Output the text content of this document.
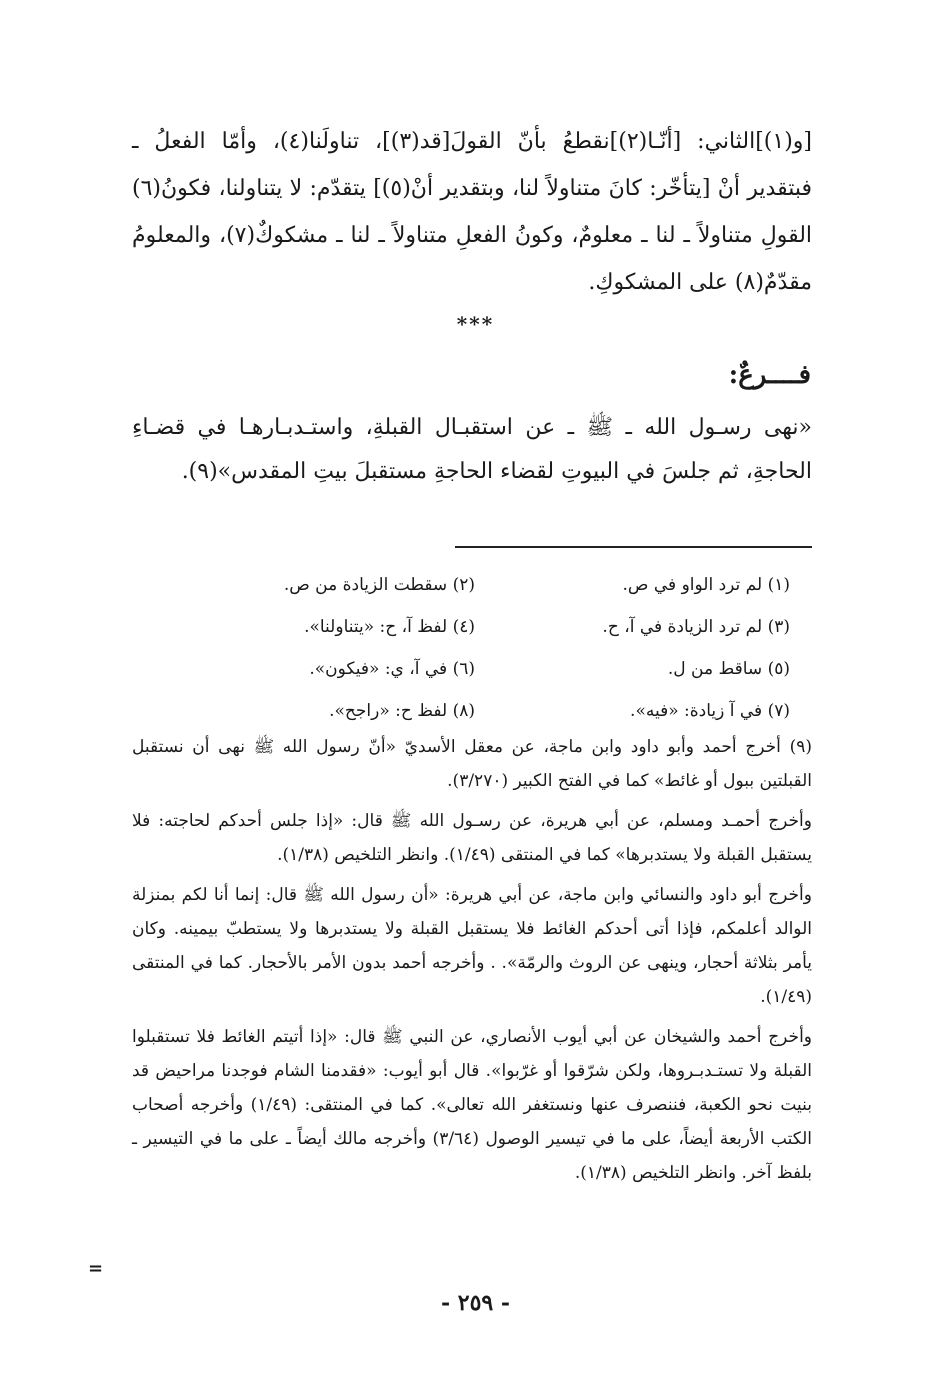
[و(١)]الثاني: [أنّـا(٢)]نقطعُ بأنّ القولَ[قد(٣)]، تناولَنا(٤)، وأمّا الفعلُ ـ فبتقدير أنْ [يتأخّر: كانَ متناولاً لنا، وبتقدير أنْ(٥)] يتقدّم: لا يتناولنا، فكونُ(٦) القولِ متناولاً ـ لنا ـ معلومٌ، وكونُ الفعلِ متناولاً ـ لنا ـ مشكوكٌ(٧)، والمعلومُ مقدّمٌ(٨) على المشكوكِ.

***
فــــرعٌ:
«نهى رسـول الله ـ ﷺ ـ عن استقبـال القبلةِ، واستـدبـارهـا في قضـاءِ الحاجةِ، ثم جلسَ في البيوتِ لقضاء الحاجةِ مستقبلَ بيتِ المقدس»(٩).
(١) لم ترد الواو في ص.
(٢) سقطت الزيادة من ص.
(٣) لم ترد الزيادة في آ، ح.
(٤) لفظ آ، ح: «يتناولنا».
(٥) ساقط من ل.
(٦) في آ، ي: «فيكون».
(٧) في آ زيادة: «فيه».
(٨) لفظ ح: «راجح».

(٩) أخرج أحمد وأبو داود وابن ماجة، عن معقل الأسديّ «أنّ رسول الله ﷺ نهى أن نستقبل القبلتين ببول أو غائط» كما في الفتح الكبير (٣/٢٧٠).

وأخرج أحمـد ومسلم، عن أبي هريرة، عن رسـول الله ﷺ قال: «إذا جلس أحدكم لحاجته: فلا يستقبل القبلة ولا يستدبرها» كما في المنتقى (١/٤٩). وانظر التلخيص (١/٣٨).

وأخرج أبو داود والنسائي وابن ماجة، عن أبي هريرة: «أن رسول الله ﷺ قال: إنما أنا لكم بمنزلة الوالد أعلمكم، فإذا أتى أحدكم الغائط فلا يستقبل القبلة ولا يستدبرها ولا يستطبّ بيمينه. وكان يأمر بثلاثة أحجار، وينهى عن الروث والرمّة». . وأخرجه أحمد بدون الأمر بالأحجار. كما في المنتقى (١/٤٩).

وأخرج أحمد والشيخان عن أبي أيوب الأنصاري، عن النبي ﷺ قال: «إذا أتيتم الغائط فلا تستقبلوا القبلة ولا تستـدبـروها، ولكن شرّقوا أو غرّبوا». قال أبو أيوب: «فقدمنا الشام فوجدنا مراحيض قد بنيت نحو الكعبة، فننصرف عنها ونستغفر الله تعالى». كما في المنتقى: (١/٤٩) وأخرجه أصحاب الكتب الأربعة أيضاً، على ما في تيسير الوصول (٣/٦٤) وأخرجه مالك أيضاً ـ على ما في التيسير ـ بلفظ آخر. وانظر التلخيص (١/٣٨).

=
- ٢٥٩ -
